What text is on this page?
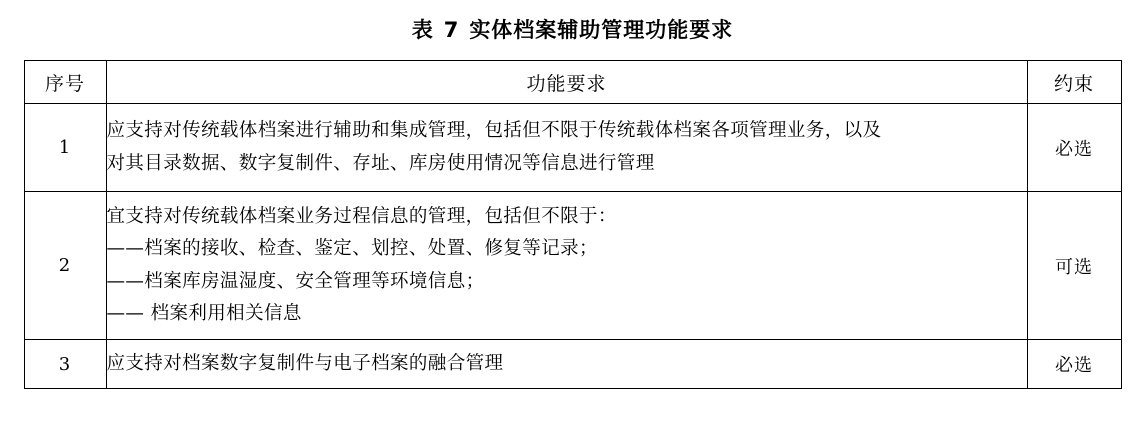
表 7 实体档案辅助管理功能要求
序号	功能要求	约束
1	应支持对传统载体档案进行辅助和集成管理，包括但不限于传统载体档案各项管理业务，以及 对其目录数据、数字复制件、存址、库房使用情况等信息进行管理	必选
2	宜支持对传统载体档案业务过程信息的管理，包括但不限于：
——档案的接收、检查、鉴定、划控、处置、修复等记录；
——档案库房温湿度、安全管理等环境信息；
—— 档案利用相关信息	可选
3	应支持对档案数字复制件与电子档案的融合管理	必选
